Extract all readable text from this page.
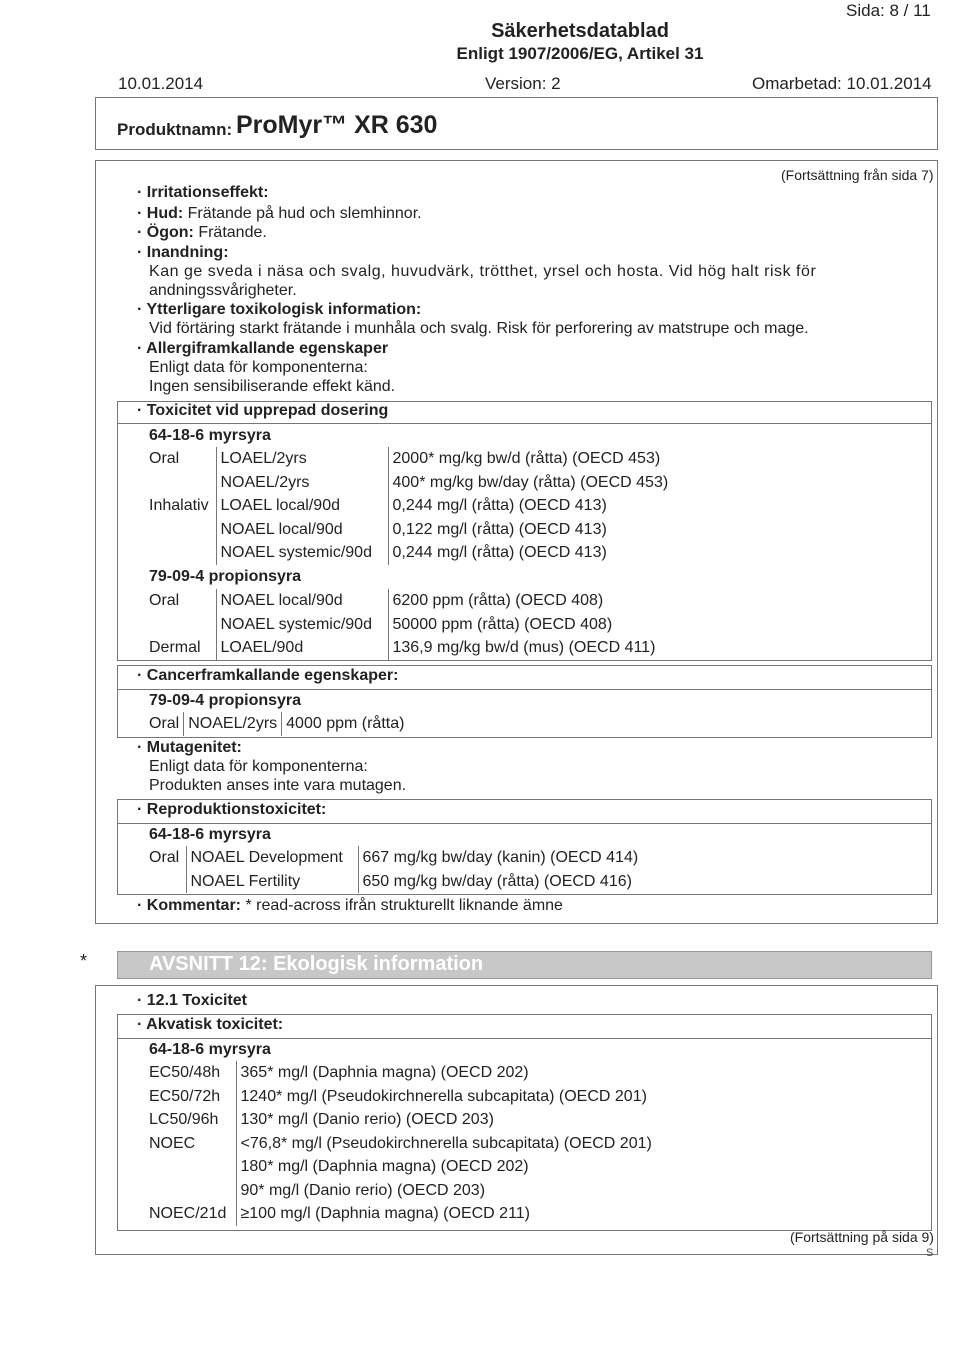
Sida: 8 / 11
Säkerhetsdatablad
Enligt 1907/2006/EG, Artikel 31
10.01.2014	Version: 2	Omarbetad: 10.01.2014
Produktnamn: ProMyr™ XR 630
(Fortsättning från sida 7)
· Irritationseffekt:
· Hud: Frätande på hud och slemhinnor.
· Ögon: Frätande.
· Inandning:
Kan ge sveda i näsa och svalg, huvudvärk, trötthet, yrsel och hosta. Vid hög halt risk för
andningssvårigheter.
· Ytterligare toxikologisk information:
Vid förtäring starkt frätande i munhåla och svalg. Risk för perforering av matstrupe och mage.
· Allergiframkallande egenskaper
Enligt data för komponenterna:
Ingen sensibiliserande effekt känd.
· Toxicitet vid upprepad dosering
64-18-6 myrsyra
Oral	LOAEL/2yrs	2000* mg/kg bw/d (råtta) (OECD 453)
	NOAEL/2yrs	400* mg/kg bw/day (råtta) (OECD 453)
Inhalativ	LOAEL local/90d	0,244 mg/l (råtta) (OECD 413)
	NOAEL local/90d	0,122 mg/l (råtta) (OECD 413)
	NOAEL systemic/90d	0,244 mg/l (råtta) (OECD 413)
79-09-4 propionsyra
Oral	NOAEL local/90d	6200 ppm (råtta) (OECD 408)
	NOAEL systemic/90d	50000 ppm (råtta) (OECD 408)
Dermal	LOAEL/90d	136,9 mg/kg bw/d (mus) (OECD 411)
· Cancerframkallande egenskaper:
79-09-4 propionsyra
Oral	NOAEL/2yrs	4000 ppm (råtta)
· Mutagenitet:
Enligt data för komponenterna:
Produkten anses inte vara mutagen.
· Reproduktionstoxicitet:
64-18-6 myrsyra
Oral	NOAEL Development	667 mg/kg bw/day (kanin) (OECD 414)
	NOAEL Fertility	650 mg/kg bw/day (råtta) (OECD 416)
· Kommentar: * read-across ifrån strukturellt liknande ämne
*	AVSNITT 12: Ekologisk information
· 12.1 Toxicitet
· Akvatisk toxicitet:
64-18-6 myrsyra
EC50/48h	365* mg/l (Daphnia magna) (OECD 202)
EC50/72h	1240* mg/l (Pseudokirchnerella subcapitata) (OECD 201)
LC50/96h	130* mg/l (Danio rerio) (OECD 203)
NOEC	<76,8* mg/l (Pseudokirchnerella subcapitata) (OECD 201)
	180* mg/l (Daphnia magna) (OECD 202)
	90* mg/l (Danio rerio) (OECD 203)
NOEC/21d	≥100 mg/l (Daphnia magna) (OECD 211)
(Fortsättning på sida 9)
S
